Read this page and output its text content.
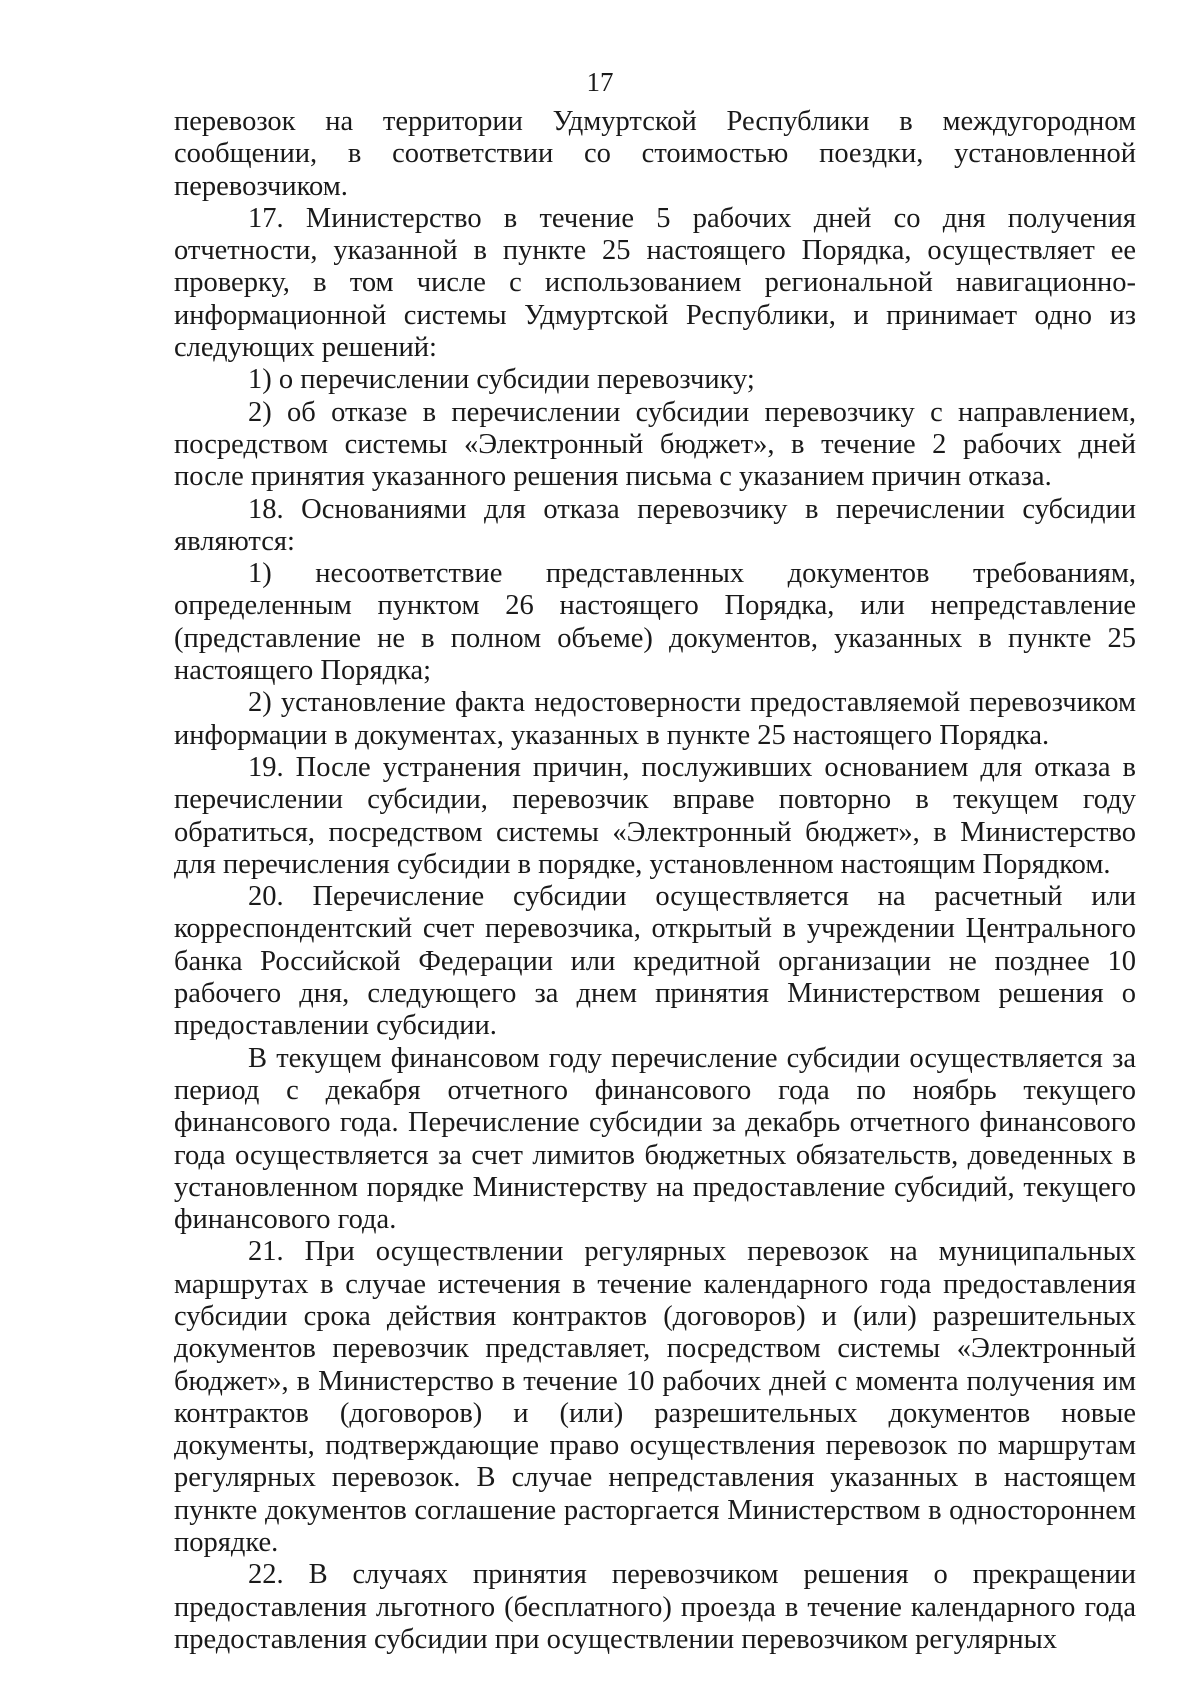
17

перевозок на территории Удмуртской Республики в междугородном сообщении, в соответствии со стоимостью поездки, установленной перевозчиком.

17. Министерство в течение 5 рабочих дней со дня получения отчетности, указанной в пункте 25 настоящего Порядка, осуществляет ее проверку, в том числе с использованием региональной навигационно-информационной системы Удмуртской Республики, и принимает одно из следующих решений:

1) о перечислении субсидии перевозчику;

2) об отказе в перечислении субсидии перевозчику с направлением, посредством системы «Электронный бюджет», в течение 2 рабочих дней после принятия указанного решения письма с указанием причин отказа.

18. Основаниями для отказа перевозчику в перечислении субсидии являются:

1) несоответствие представленных документов требованиям, определенным пунктом 26 настоящего Порядка, или непредставление (представление не в полном объеме) документов, указанных в пункте 25 настоящего Порядка;

2) установление факта недостоверности предоставляемой перевозчиком информации в документах, указанных в пункте 25 настоящего Порядка.

19. После устранения причин, послуживших основанием для отказа в перечислении субсидии, перевозчик вправе повторно в текущем году обратиться, посредством системы «Электронный бюджет», в Министерство для перечисления субсидии в порядке, установленном настоящим Порядком.

20. Перечисление субсидии осуществляется на расчетный или корреспондентский счет перевозчика, открытый в учреждении Центрального банка Российской Федерации или кредитной организации не позднее 10 рабочего дня, следующего за днем принятия Министерством решения о предоставлении субсидии.

В текущем финансовом году перечисление субсидии осуществляется за период с декабря отчетного финансового года по ноябрь текущего финансового года. Перечисление субсидии за декабрь отчетного финансового года осуществляется за счет лимитов бюджетных обязательств, доведенных в установленном порядке Министерству на предоставление субсидий, текущего финансового года.

21. При осуществлении регулярных перевозок на муниципальных маршрутах в случае истечения в течение календарного года предоставления субсидии срока действия контрактов (договоров) и (или) разрешительных документов перевозчик представляет, посредством системы «Электронный бюджет», в Министерство в течение 10 рабочих дней с момента получения им контрактов (договоров) и (или) разрешительных документов новые документы, подтверждающие право осуществления перевозок по маршрутам регулярных перевозок. В случае непредставления указанных в настоящем пункте документов соглашение расторгается Министерством в одностороннем порядке.

22. В случаях принятия перевозчиком решения о прекращении предоставления льготного (бесплатного) проезда в течение календарного года предоставления субсидии при осуществлении перевозчиком регулярных
